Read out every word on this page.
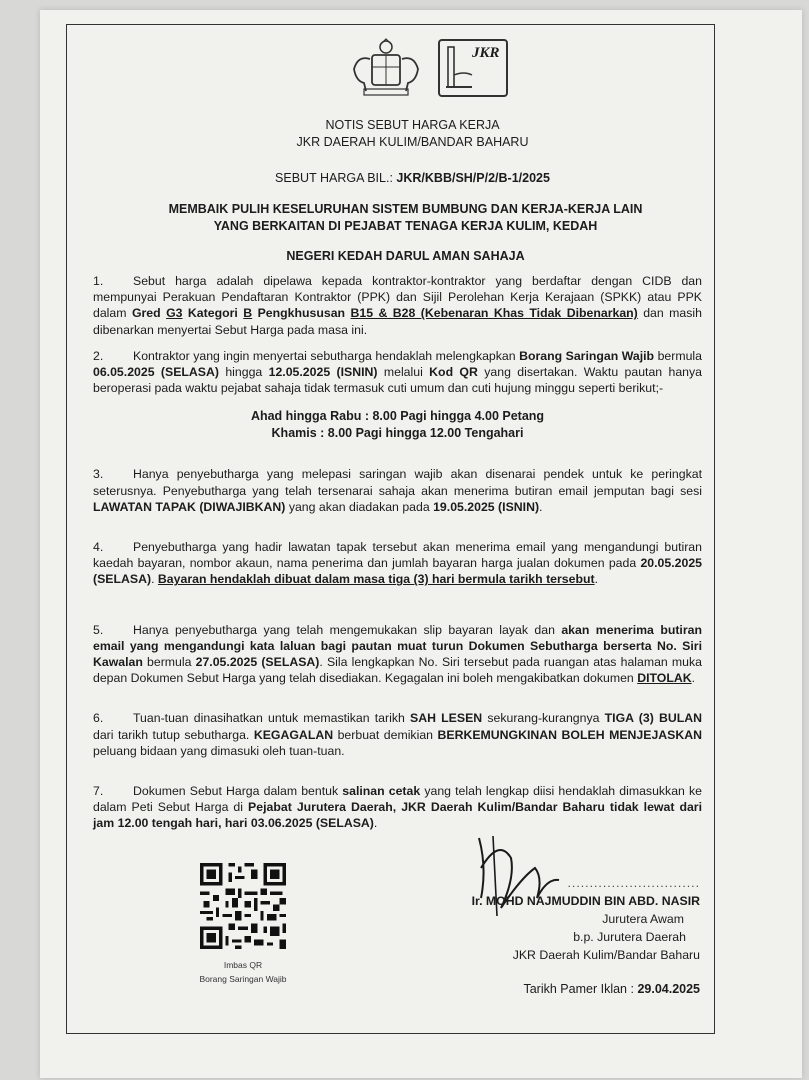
JKR
NOTIS SEBUT HARGA KERJA
JKR DAERAH KULIM/BANDAR BAHARU
SEBUT HARGA BIL.: JKR/KBB/SH/P/2/B-1/2025
MEMBAIK PULIH KESELURUHAN SISTEM BUMBUNG DAN KERJA-KERJA LAIN
YANG BERKAITAN DI PEJABAT TENAGA KERJA KULIM, KEDAH
NEGERI KEDAH DARUL AMAN SAHAJA
1. Sebut harga adalah dipelawa kepada kontraktor-kontraktor yang berdaftar dengan CIDB dan mempunyai Perakuan Pendaftaran Kontraktor (PPK) dan Sijil Perolehan Kerja Kerajaan (SPKK) atau PPK dalam Gred G3 Kategori B Pengkhususan B15 & B28 (Kebenaran Khas Tidak Dibenarkan) dan masih dibenarkan menyertai Sebut Harga pada masa ini.
2. Kontraktor yang ingin menyertai sebutharga hendaklah melengkapkan Borang Saringan Wajib bermula 06.05.2025 (SELASA) hingga 12.05.2025 (ISNIN) melalui Kod QR yang disertakan. Waktu pautan hanya beroperasi pada waktu pejabat sahaja tidak termasuk cuti umum dan cuti hujung minggu seperti berikut;-
Ahad hingga Rabu : 8.00 Pagi hingga 4.00 Petang
Khamis : 8.00 Pagi hingga 12.00 Tengahari
3. Hanya penyebutharga yang melepasi saringan wajib akan disenarai pendek untuk ke peringkat seterusnya. Penyebutharga yang telah tersenarai sahaja akan menerima butiran email jemputan bagi sesi LAWATAN TAPAK (DIWAJIBKAN) yang akan diadakan pada 19.05.2025 (ISNIN).
4. Penyebutharga yang hadir lawatan tapak tersebut akan menerima email yang mengandungi butiran kaedah bayaran, nombor akaun, nama penerima dan jumlah bayaran harga jualan dokumen pada 20.05.2025 (SELASA). Bayaran hendaklah dibuat dalam masa tiga (3) hari bermula tarikh tersebut.
5. Hanya penyebutharga yang telah mengemukakan slip bayaran layak dan akan menerima butiran email yang mengandungi kata laluan bagi pautan muat turun Dokumen Sebutharga berserta No. Siri Kawalan bermula 27.05.2025 (SELASA). Sila lengkapkan No. Siri tersebut pada ruangan atas halaman muka depan Dokumen Sebut Harga yang telah disediakan. Kegagalan ini boleh mengakibatkan dokumen DITOLAK.
6. Tuan-tuan dinasihatkan untuk memastikan tarikh SAH LESEN sekurang-kurangnya TIGA (3) BULAN dari tarikh tutup sebutharga. KEGAGALAN berbuat demikian BERKEMUNGKINAN BOLEH MENJEJASKAN peluang bidaan yang dimasuki oleh tuan-tuan.
7. Dokumen Sebut Harga dalam bentuk salinan cetak yang telah lengkap diisi hendaklah dimasukkan ke dalam Peti Sebut Harga di Pejabat Jurutera Daerah, JKR Daerah Kulim/Bandar Baharu tidak lewat dari jam 12.00 tengah hari, hari 03.06.2025 (SELASA).
Imbas QR
Borang Saringan Wajib
..............................
Ir. MOHD NAJMUDDIN BIN ABD. NASIR
Jurutera Awam
b.p. Jurutera Daerah
JKR Daerah Kulim/Bandar Baharu
Tarikh Pamer Iklan : 29.04.2025
